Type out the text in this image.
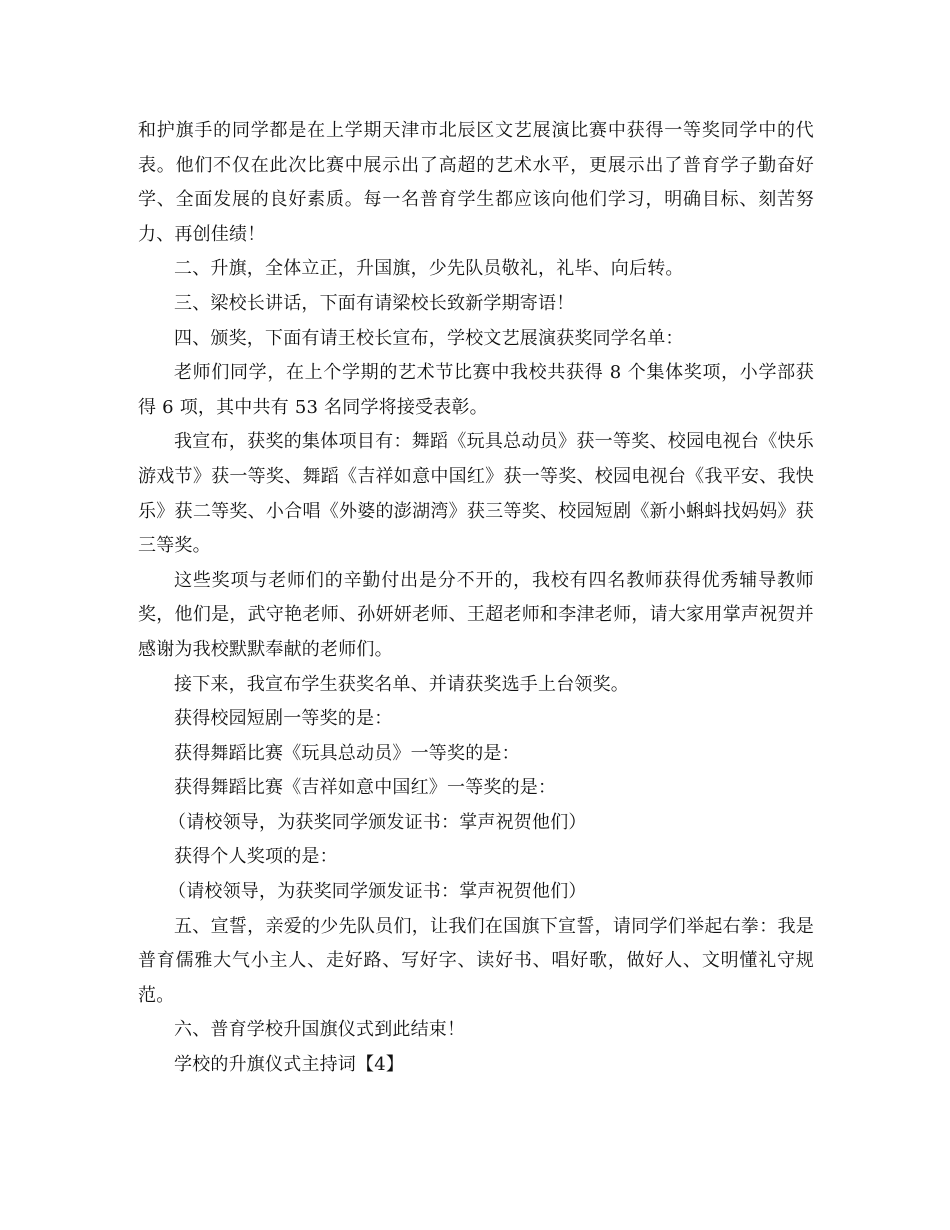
和护旗手的同学都是在上学期天津市北辰区文艺展演比赛中获得一等奖同学中的代表。他们不仅在此次比赛中展示出了高超的艺术水平，更展示出了普育学子勤奋好学、全面发展的良好素质。每一名普育学生都应该向他们学习，明确目标、刻苦努力、再创佳绩！

二、升旗，全体立正，升国旗，少先队员敬礼，礼毕、向后转。

三、梁校长讲话，下面有请梁校长致新学期寄语！

四、颁奖，下面有请王校长宣布，学校文艺展演获奖同学名单：

老师们同学，在上个学期的艺术节比赛中我校共获得 8 个集体奖项，小学部获得 6 项，其中共有 53 名同学将接受表彰。

我宣布，获奖的集体项目有：舞蹈《玩具总动员》获一等奖、校园电视台《快乐游戏节》获一等奖、舞蹈《吉祥如意中国红》获一等奖、校园电视台《我平安、我快乐》获二等奖、小合唱《外婆的澎湖湾》获三等奖、校园短剧《新小蝌蚪找妈妈》获三等奖。

这些奖项与老师们的辛勤付出是分不开的，我校有四名教师获得优秀辅导教师奖，他们是，武守艳老师、孙妍妍老师、王超老师和李津老师，请大家用掌声祝贺并感谢为我校默默奉献的老师们。

接下来，我宣布学生获奖名单、并请获奖选手上台领奖。

获得校园短剧一等奖的是：

获得舞蹈比赛《玩具总动员》一等奖的是：

获得舞蹈比赛《吉祥如意中国红》一等奖的是：

（请校领导，为获奖同学颁发证书：掌声祝贺他们）

获得个人奖项的是：

（请校领导，为获奖同学颁发证书：掌声祝贺他们）

五、宣誓，亲爱的少先队员们，让我们在国旗下宣誓，请同学们举起右拳：我是普育儒雅大气小主人、走好路、写好字、读好书、唱好歌，做好人、文明懂礼守规范。

六、普育学校升国旗仪式到此结束！

学校的升旗仪式主持词【4】
